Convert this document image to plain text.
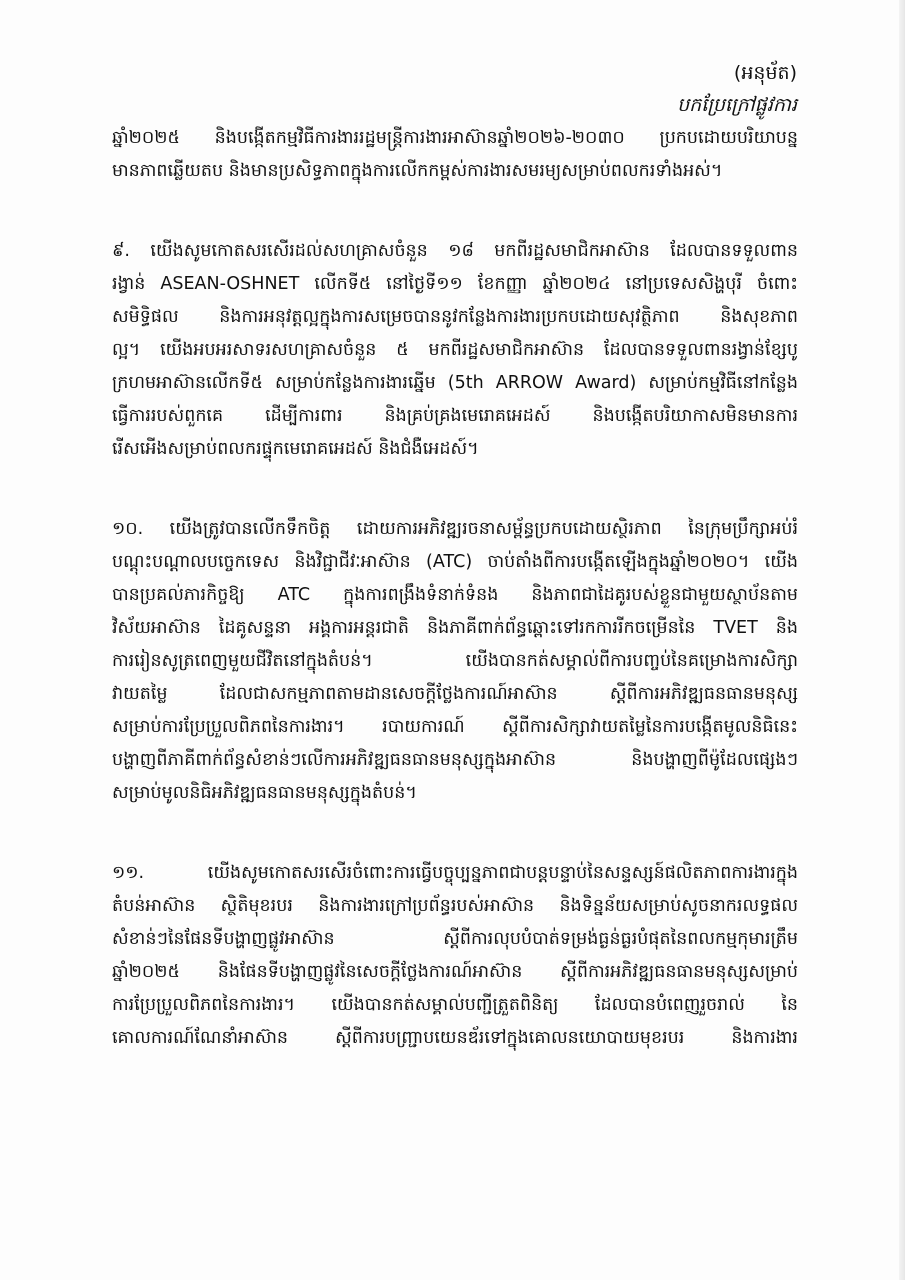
(អនុម័ត)
បកប្រែក្រៅផ្លូវការ
ឆ្នាំ២០២៥ និងបង្កើតកម្មវិធីការងាររដ្ឋមន្ត្រីការងារអាស៊ានឆ្នាំ២០២៦-២០៣០ ប្រកបដោយបរិយាបន្ន
មានភាពឆ្លើយតប និងមានប្រសិទ្ធភាពក្នុងការលើកកម្ពស់ការងារសមរម្យសម្រាប់ពលករទាំងអស់។
៩. យើងសូមកោតសរសើរដល់សហគ្រាសចំនួន ១៨ មកពីរដ្ឋសមាជិកអាស៊ាន ដែលបានទទួលពាន
រង្វាន់ ASEAN-OSHNET លើកទី៥ នៅថ្ងៃទី១១ ខែកញ្ញា ឆ្នាំ២០២៤ នៅប្រទេសសិង្ហបុរី ចំពោះ
សមិទ្ធិផល និងការអនុវត្តល្អក្នុងការសម្រេចបាននូវកន្លែងការងារប្រកបដោយសុវត្ថិភាព និងសុខភាព
ល្អ។ យើងអបអរសាទរសហគ្រាសចំនួន ៥ មកពីរដ្ឋសមាជិកអាស៊ាន ដែលបានទទួលពានរង្វាន់ខ្សែបូ
ក្រហមអាស៊ានលើកទី៥ សម្រាប់កន្លែងការងារឆ្នើម (5th ARROW Award) សម្រាប់កម្មវិធីនៅកន្លែង
ធ្វើការរបស់ពួកគេ ដើម្បីការពារ និងគ្រប់គ្រងមេរោគអេដស៍ និងបង្កើតបរិយាកាសមិនមានការ
រើសអើងសម្រាប់ពលករផ្ទុកមេរោគអេដស៍ និងជំងឺអេដស៍។
១០. យើងត្រូវបានលើកទឹកចិត្ត ដោយការអភិវឌ្ឍរចនាសម្ព័ន្ធប្រកបដោយស្ថិរភាព នៃក្រុមប្រឹក្សាអប់រំ
បណ្ដុះបណ្ដាលបច្ចេកទេស និងវិជ្ជាជីវៈអាស៊ាន (ATC) ចាប់តាំងពីការបង្កើតឡើងក្នុងឆ្នាំ២០២០។ យើង
បានប្រគល់ភារកិច្ចឱ្យ ATC ក្នុងការពង្រឹងទំនាក់ទំនង និងភាពជាដៃគូរបស់ខ្លួនជាមួយស្ថាប័នតាម
វិស័យអាស៊ាន ដៃគូសន្ទនា អង្គការអន្តរជាតិ និងភាគីពាក់ព័ន្ធឆ្ពោះទៅរកការរីកចម្រើននៃ TVET និង
ការរៀនសូត្រពេញមួយជីវិតនៅក្នុងតំបន់។ យើងបានកត់សម្គាល់ពីការបញ្ចប់នៃគម្រោងការសិក្សា
វាយតម្លៃ ដែលជាសកម្មភាពតាមដានសេចក្ដីថ្លែងការណ៍អាស៊ាន ស្ដីពីការអភិវឌ្ឍធនធានមនុស្ស
សម្រាប់ការប្រែប្រួលពិភពនៃការងារ។ របាយការណ៍ ស្ដីពីការសិក្សាវាយតម្លៃនៃការបង្កើតមូលនិធិនេះ
បង្ហាញពីភាគីពាក់ព័ន្ធសំខាន់ៗលើការអភិវឌ្ឍធនធានមនុស្សក្នុងអាស៊ាន និងបង្ហាញពីម៉ូដែលផ្សេងៗ
សម្រាប់មូលនិធិអភិវឌ្ឍធនធានមនុស្សក្នុងតំបន់។
១១. យើងសូមកោតសរសើរចំពោះការធ្វើបច្ចុប្បន្នភាពជាបន្តបន្ទាប់នៃសន្ទស្សន៍ផលិតភាពការងារក្នុង
តំបន់អាស៊ាន ស្ថិតិមុខរបរ និងការងារក្រៅប្រព័ន្ធរបស់អាស៊ាន និងទិន្នន័យសម្រាប់សូចនាករលទ្ធផល
សំខាន់ៗនៃផែនទីបង្ហាញផ្លូវអាស៊ាន ស្ដីពីការលុបបំបាត់ទម្រង់ធ្ងន់ធ្ងរបំផុតនៃពលកម្មកុមារត្រឹម
ឆ្នាំ២០២៥ និងផែនទីបង្ហាញផ្លូវនៃសេចក្ដីថ្លែងការណ៍អាស៊ាន ស្ដីពីការអភិវឌ្ឍធនធានមនុស្សសម្រាប់
ការប្រែប្រួលពិភពនៃការងារ។ យើងបានកត់សម្គាល់បញ្ជីត្រួតពិនិត្យ ដែលបានបំពេញរួចរាល់ នៃ
គោលការណ៍ណែនាំអាស៊ាន ស្ដីពីការបញ្ជ្រាបយេនឌ័រទៅក្នុងគោលនយោបាយមុខរបរ និងការងារ
